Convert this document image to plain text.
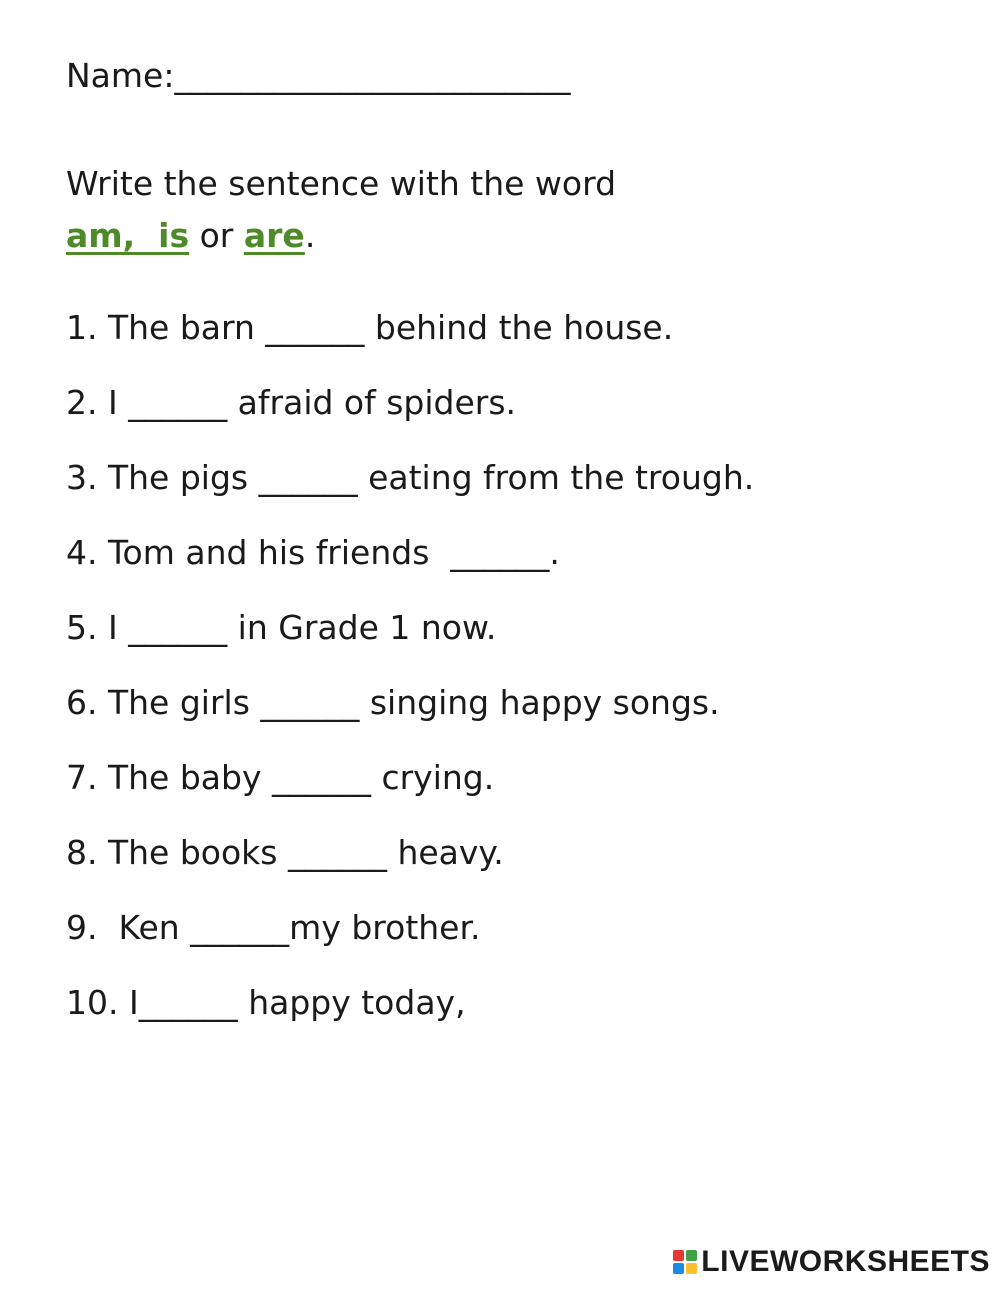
Name:________________________
Write the sentence with the word
am,  is or are.
1. The barn ______ behind the house.
2. I ______ afraid of spiders.
3. The pigs ______ eating from the trough.
4. Tom and his friends  ______.
5. I ______ in Grade 1 now.
6. The girls ______ singing happy songs.
7. The baby ______ crying.
8. The books ______ heavy.
9.  Ken ______my brother.
10. I______ happy today,
LIVEWORKSHEETS
